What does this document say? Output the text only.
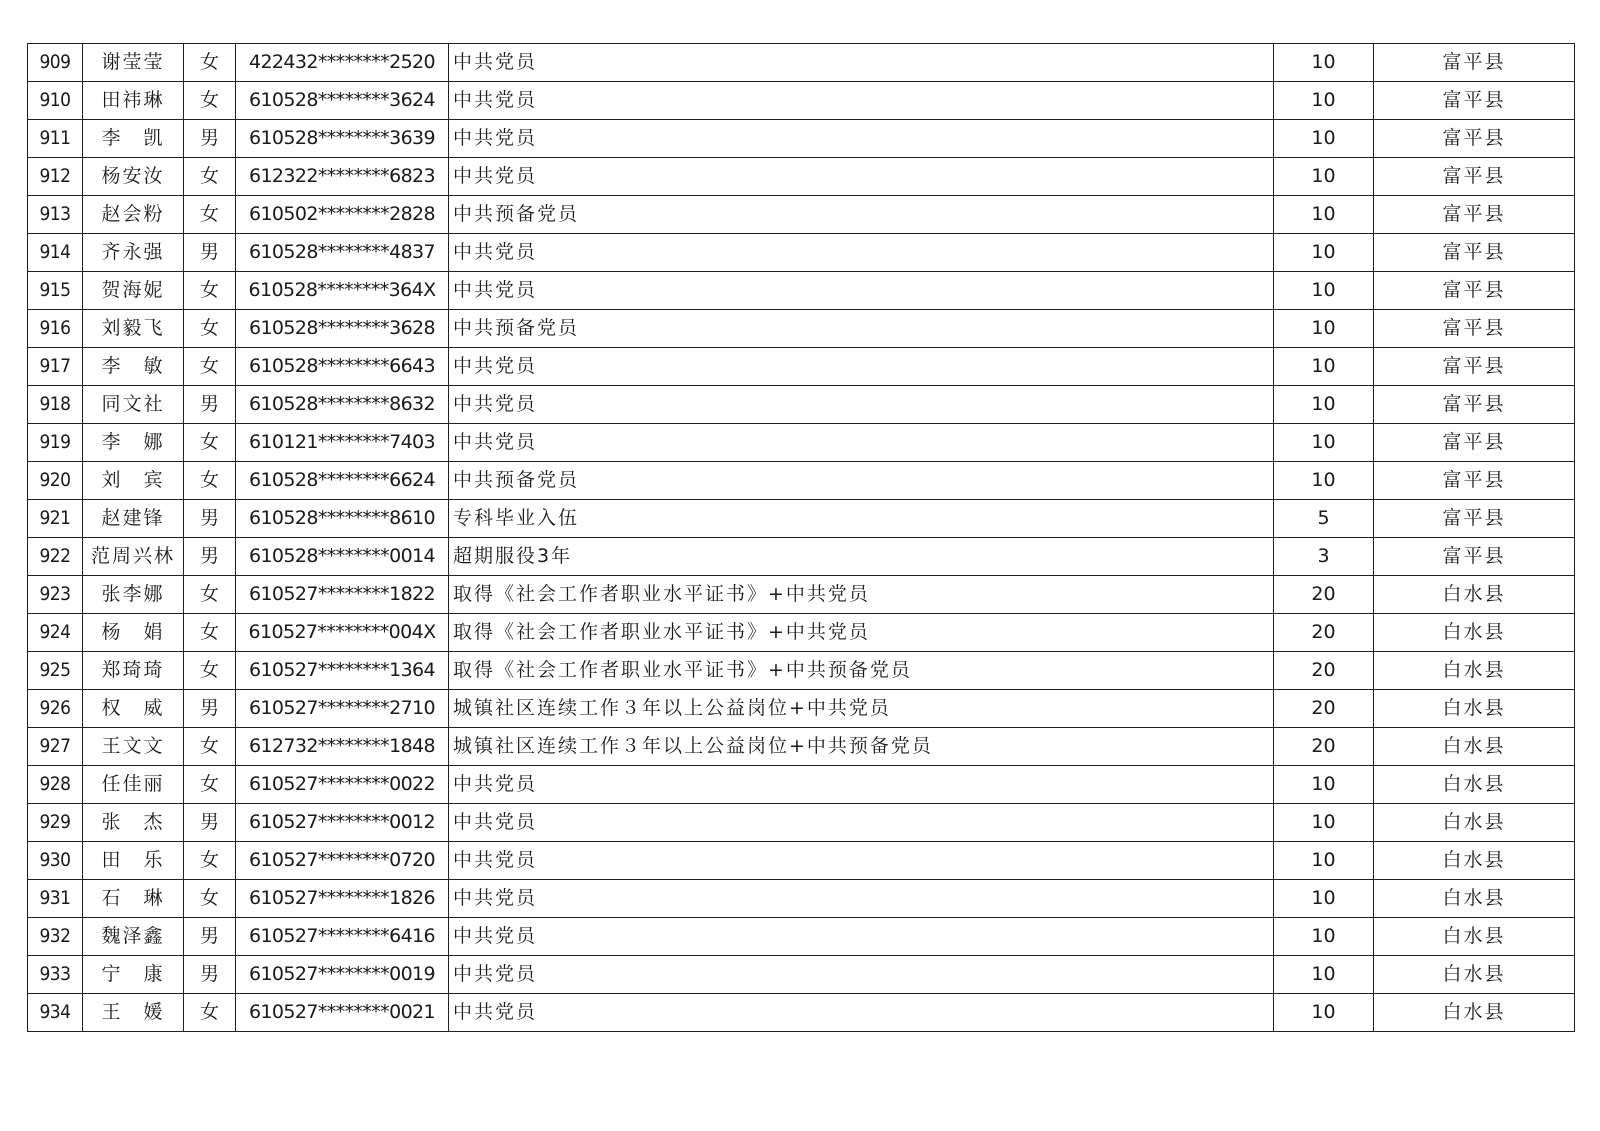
909	谢莹莹	女	422432********2520	中共党员	10	富平县
910	田祎琳	女	610528********3624	中共党员	10	富平县
911	李　凯	男	610528********3639	中共党员	10	富平县
912	杨安汝	女	612322********6823	中共党员	10	富平县
913	赵会粉	女	610502********2828	中共预备党员	10	富平县
914	齐永强	男	610528********4837	中共党员	10	富平县
915	贺海妮	女	610528********364X	中共党员	10	富平县
916	刘毅飞	女	610528********3628	中共预备党员	10	富平县
917	李　敏	女	610528********6643	中共党员	10	富平县
918	同文社	男	610528********8632	中共党员	10	富平县
919	李　娜	女	610121********7403	中共党员	10	富平县
920	刘　宾	女	610528********6624	中共预备党员	10	富平县
921	赵建锋	男	610528********8610	专科毕业入伍	5	富平县
922	范周兴林	男	610528********0014	超期服役3年	3	富平县
923	张李娜	女	610527********1822	取得《社会工作者职业水平证书》+中共党员	20	白水县
924	杨　娟	女	610527********004X	取得《社会工作者职业水平证书》+中共党员	20	白水县
925	郑琦琦	女	610527********1364	取得《社会工作者职业水平证书》+中共预备党员	20	白水县
926	权　威	男	610527********2710	城镇社区连续工作３年以上公益岗位+中共党员	20	白水县
927	王文文	女	612732********1848	城镇社区连续工作３年以上公益岗位+中共预备党员	20	白水县
928	任佳丽	女	610527********0022	中共党员	10	白水县
929	张　杰	男	610527********0012	中共党员	10	白水县
930	田　乐	女	610527********0720	中共党员	10	白水县
931	石　琳	女	610527********1826	中共党员	10	白水县
932	魏泽鑫	男	610527********6416	中共党员	10	白水县
933	宁　康	男	610527********0019	中共党员	10	白水县
934	王　媛	女	610527********0021	中共党员	10	白水县
